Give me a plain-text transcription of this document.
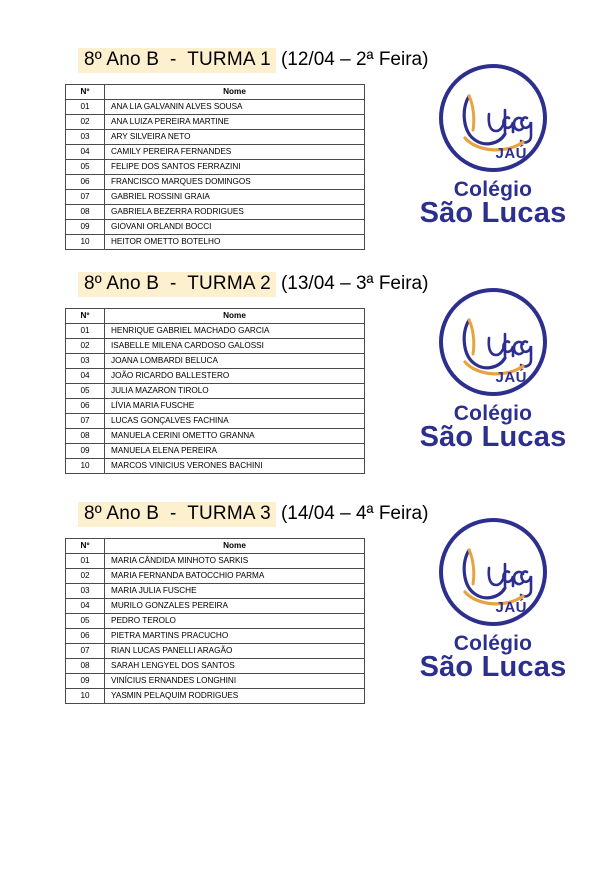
8º Ano B  -  TURMA 1 (12/04 – 2ª Feira)
Nº	Nome
01	ANA LIA GALVANIN ALVES SOUSA
02	ANA LUIZA PEREIRA MARTINE
03	ARY SILVEIRA NETO
04	CAMILY PEREIRA FERNANDES
05	FELIPE DOS SANTOS FERRAZINI
06	FRANCISCO MARQUES DOMINGOS
07	GABRIEL ROSSINI GRAIA
08	GABRIELA BEZERRA RODRIGUES
09	GIOVANI ORLANDI BOCCI
10	HEITOR OMETTO BOTELHO
JAÚ
Colégio
São Lucas
8º Ano B  -  TURMA 2 (13/04 – 3ª Feira)
Nº	Nome
01	HENRIQUE GABRIEL MACHADO GARCIA
02	ISABELLE MILENA CARDOSO GALOSSI
03	JOANA LOMBARDI BELUCA
04	JOÃO RICARDO BALLESTERO
05	JULIA MAZARON TIROLO
06	LÍVIA MARIA FUSCHE
07	LUCAS GONÇALVES FACHINA
08	MANUELA CERINI OMETTO GRANNA
09	MANUELA ELENA PEREIRA
10	MARCOS VINICIUS VERONES BACHINI
JAÚ
Colégio
São Lucas
8º Ano B  -  TURMA 3 (14/04 – 4ª Feira)
Nº	Nome
01	MARIA CÂNDIDA MINHOTO SARKIS
02	MARIA FERNANDA BATOCCHIO PARMA
03	MARIA JULIA FUSCHE
04	MURILO GONZALES PEREIRA
05	PEDRO TEROLO
06	PIETRA MARTINS PRACUCHO
07	RIAN LUCAS PANELLI ARAGÃO
08	SARAH LENGYEL DOS SANTOS
09	VINÍCIUS ERNANDES LONGHINI
10	YASMIN PELAQUIM RODRIGUES
JAÚ
Colégio
São Lucas
